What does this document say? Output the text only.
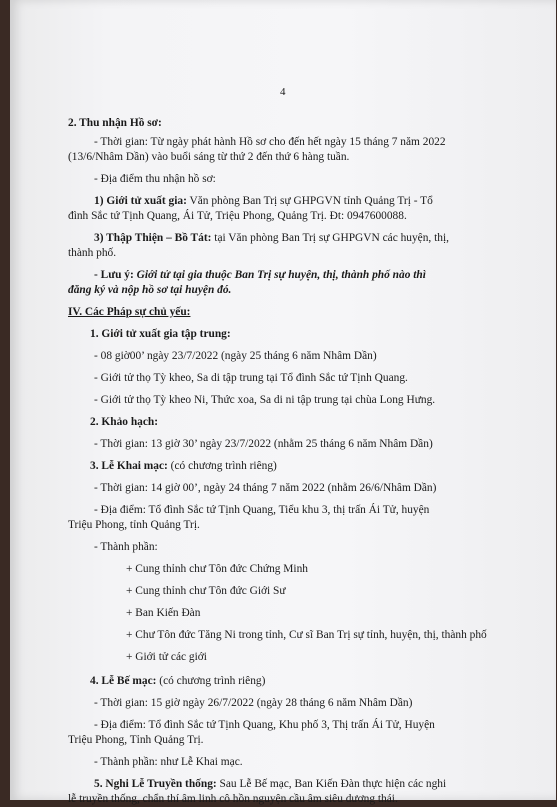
4

2. Thu nhận Hồ sơ:

- Thời gian: Từ ngày phát hành Hồ sơ cho đến hết ngày 15 tháng 7 năm 2022

(13/6/Nhâm Dần) vào buổi sáng từ thứ 2 đến thứ 6 hàng tuần.

- Địa điểm thu nhận hồ sơ:

1) Giới tử xuất gia: Văn phòng Ban Trị sự GHPGVN tỉnh Quảng Trị - Tổ

đình Sắc tứ Tịnh Quang, Ái Tử, Triệu Phong, Quảng Trị. Đt: 0947600088.

3) Thập Thiện – Bồ Tát: tại Văn phòng Ban Trị sự GHPGVN các huyện, thị,

thành phố.

- Lưu ý: Giới tử tại gia thuộc Ban Trị sự huyện, thị, thành phố nào thì

đăng ký và nộp hồ sơ tại huyện đó.

IV. Các Pháp sự chủ yếu:

1. Giới tử xuất gia tập trung:

- 08 giờ00’ ngày 23/7/2022 (ngày 25 tháng 6 năm Nhâm Dần)

- Giới tử thọ Tỳ kheo, Sa di tập trung tại Tổ đình Sắc tứ Tịnh Quang.

- Giới tử thọ Tỳ kheo Ni, Thức xoa, Sa di ni tập trung tại chùa Long Hưng.

2. Khảo hạch:

- Thời gian: 13 giờ 30’ ngày 23/7/2022 (nhằm 25 tháng 6 năm Nhâm Dần)

3. Lễ Khai mạc: (có chương trình riêng)

- Thời gian: 14 giờ 00’, ngày 24 tháng 7 năm 2022 (nhằm 26/6/Nhâm Dần)

- Địa điểm: Tổ đình Sắc tứ Tịnh Quang, Tiểu khu 3, thị trấn Ái Tử, huyện

Triệu Phong, tỉnh Quảng Trị.

- Thành phần:

+ Cung thỉnh chư Tôn đức Chứng Minh

+ Cung thỉnh chư Tôn đức Giới Sư

+ Ban Kiến Đàn

+ Chư Tôn đức Tăng Ni trong tỉnh, Cư sĩ Ban Trị sự tỉnh, huyện, thị, thành phố

+ Giới tử các giới

4. Lễ Bế mạc: (có chương trình riêng)

- Thời gian: 15 giờ ngày 26/7/2022 (ngày 28 tháng 6 năm Nhâm Dần)

- Địa điểm: Tổ đình Sắc tứ Tịnh Quang, Khu phố 3, Thị trấn Ái Tử, Huyện

Triệu Phong, Tỉnh Quảng Trị.

- Thành phần: như Lễ Khai mạc.

5. Nghi Lễ Truyền thống: Sau Lễ Bế mạc, Ban Kiến Đàn thực hiện các nghi

lễ truyền thống, chẩn thí âm linh cô hồn nguyện cầu âm siêu dương thái.
